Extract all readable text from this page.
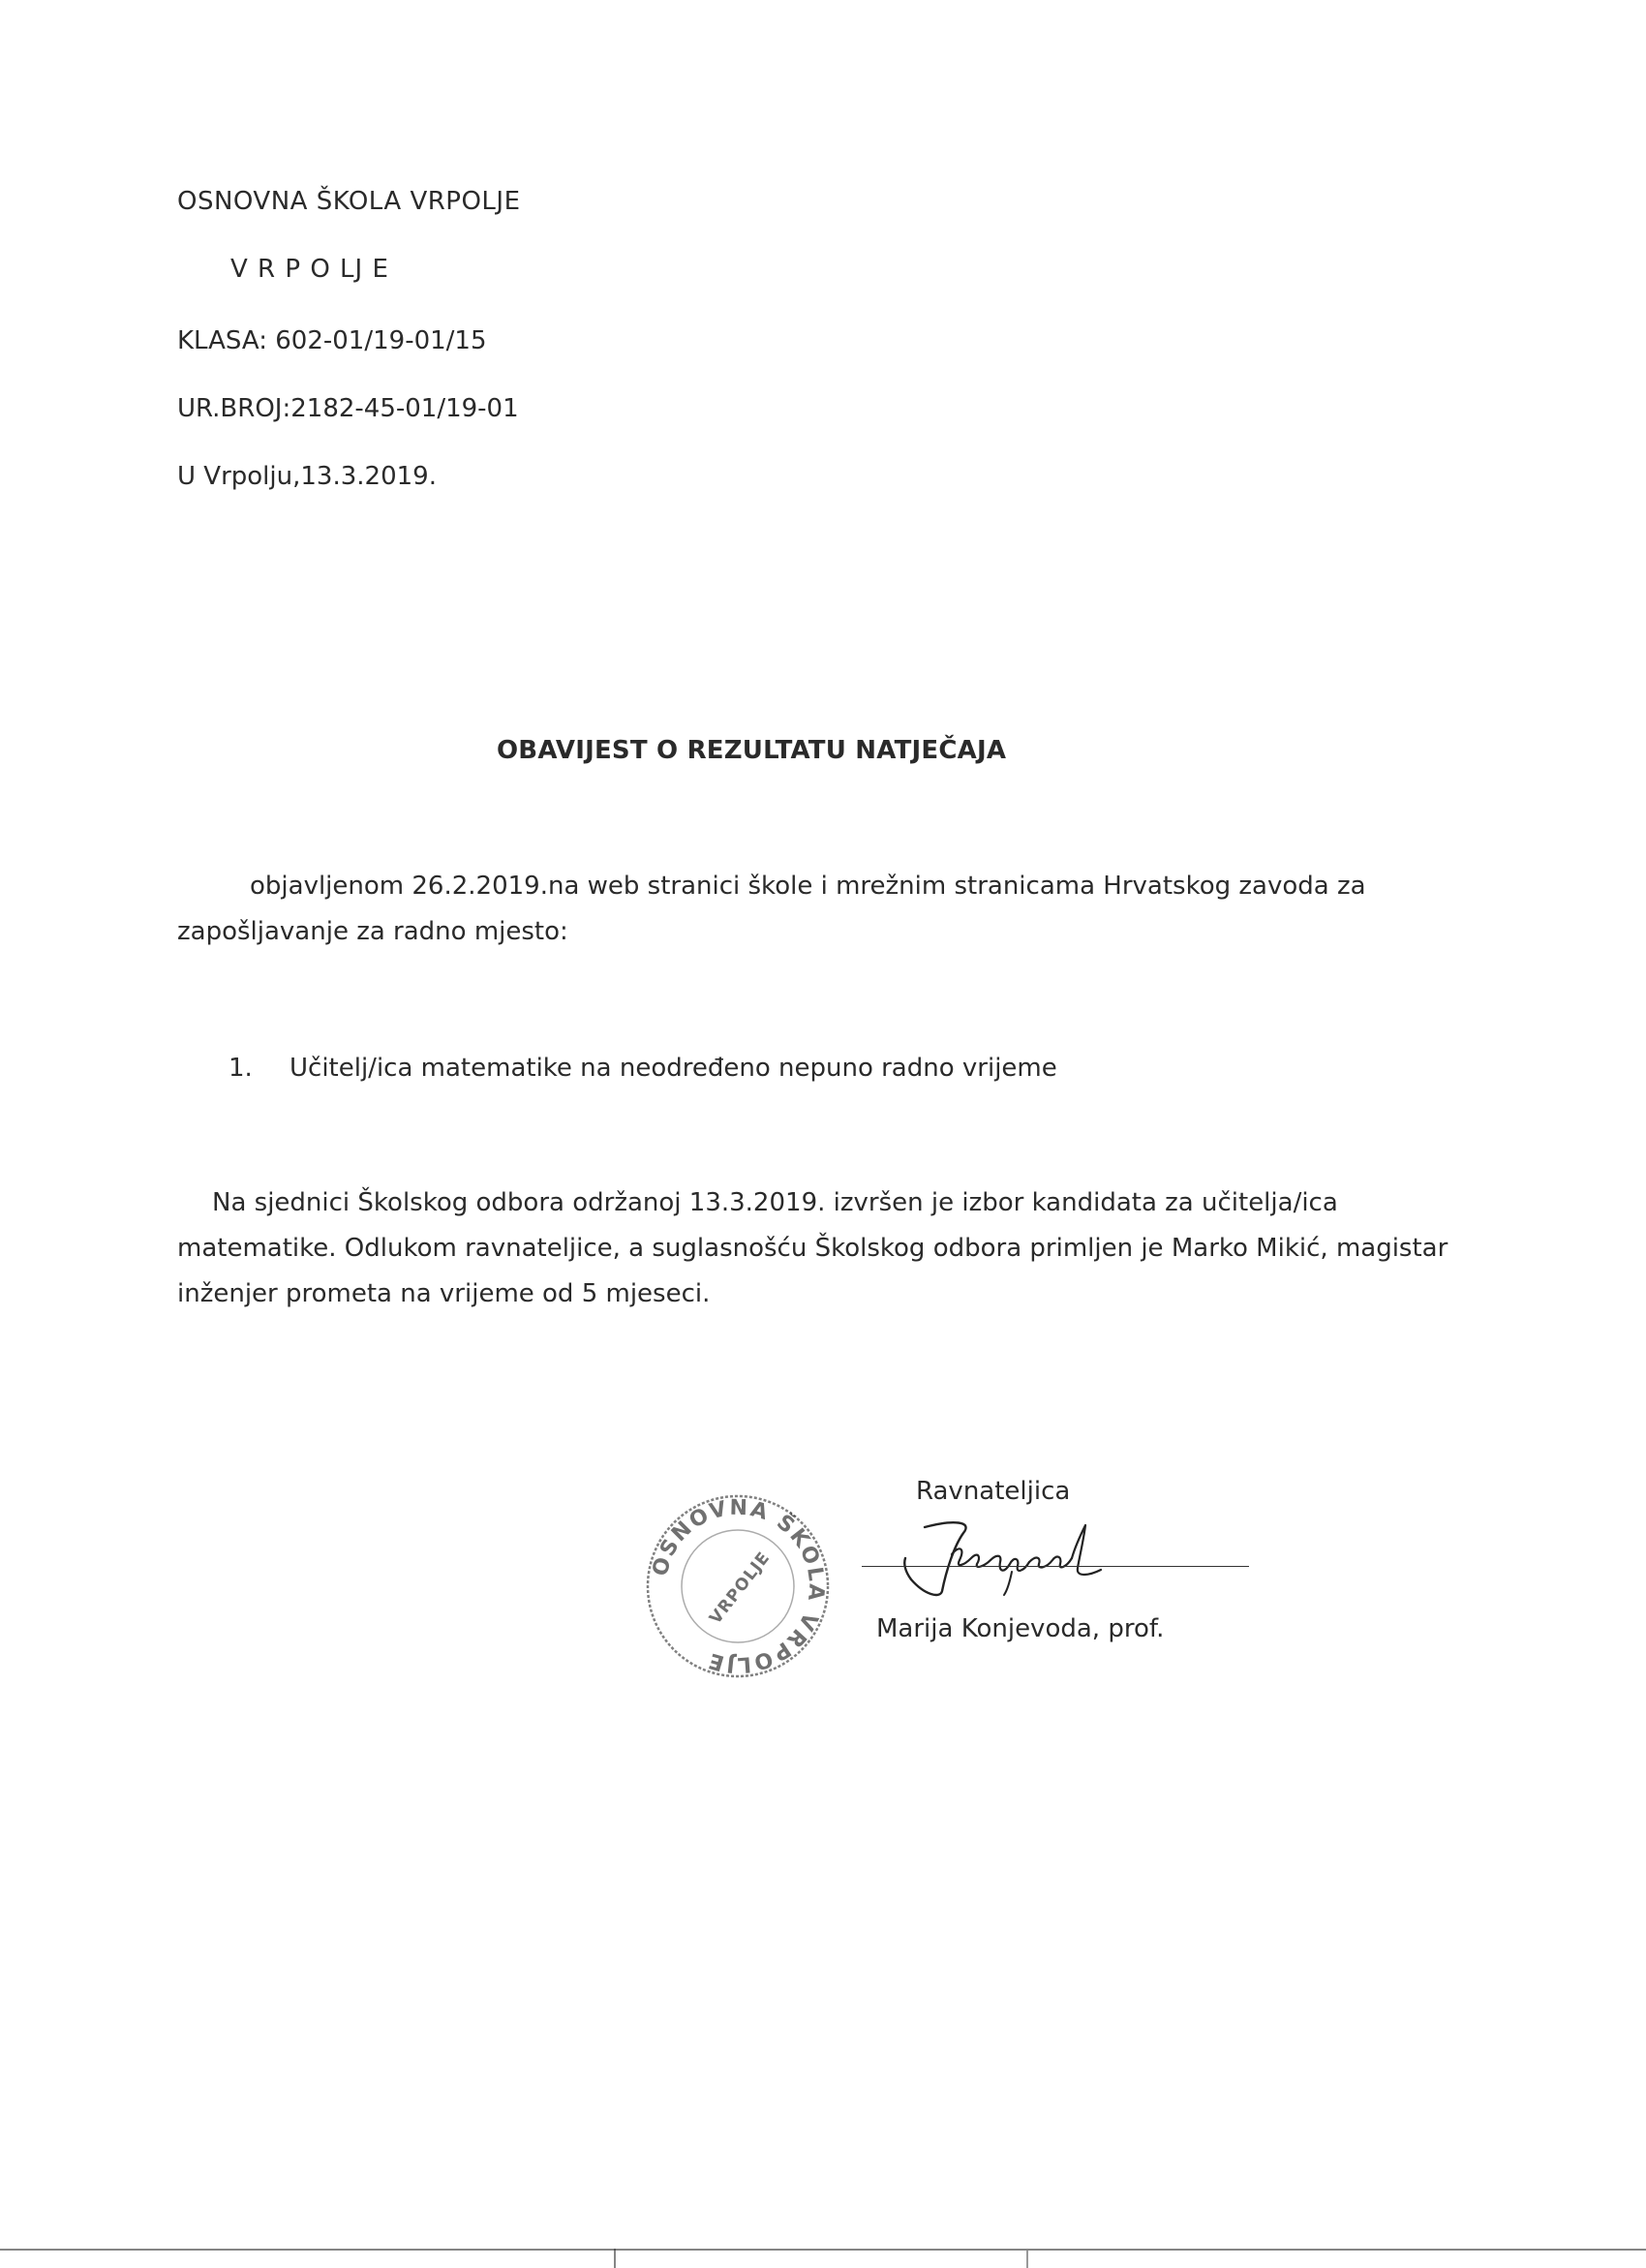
OSNOVNA ŠKOLA VRPOLJE
V R P O LJ E
KLASA: 602-01/19-01/15
UR.BROJ:2182-45-01/19-01
U Vrpolju,13.3.2019.
OBAVIJEST O REZULTATU NATJEČAJA
objavljenom 26.2.2019.na web stranici škole i mrežnim stranicama Hrvatskog zavoda za
zapošljavanje za radno mjesto:
1. Učitelj/ica matematike na neodređeno nepuno radno vrijeme
Na sjednici Školskog odbora održanoj 13.3.2019. izvršen je izbor kandidata za učitelja/ica
matematike. Odlukom ravnateljice, a suglasnošću Školskog odbora primljen je Marko Mikić, magistar
inženjer prometa na vrijeme od 5 mjeseci.
Ravnateljica
OSNOVNA ŠKOLA VRPOLJE
VRPOLJE
Marija Konjevoda, prof.
